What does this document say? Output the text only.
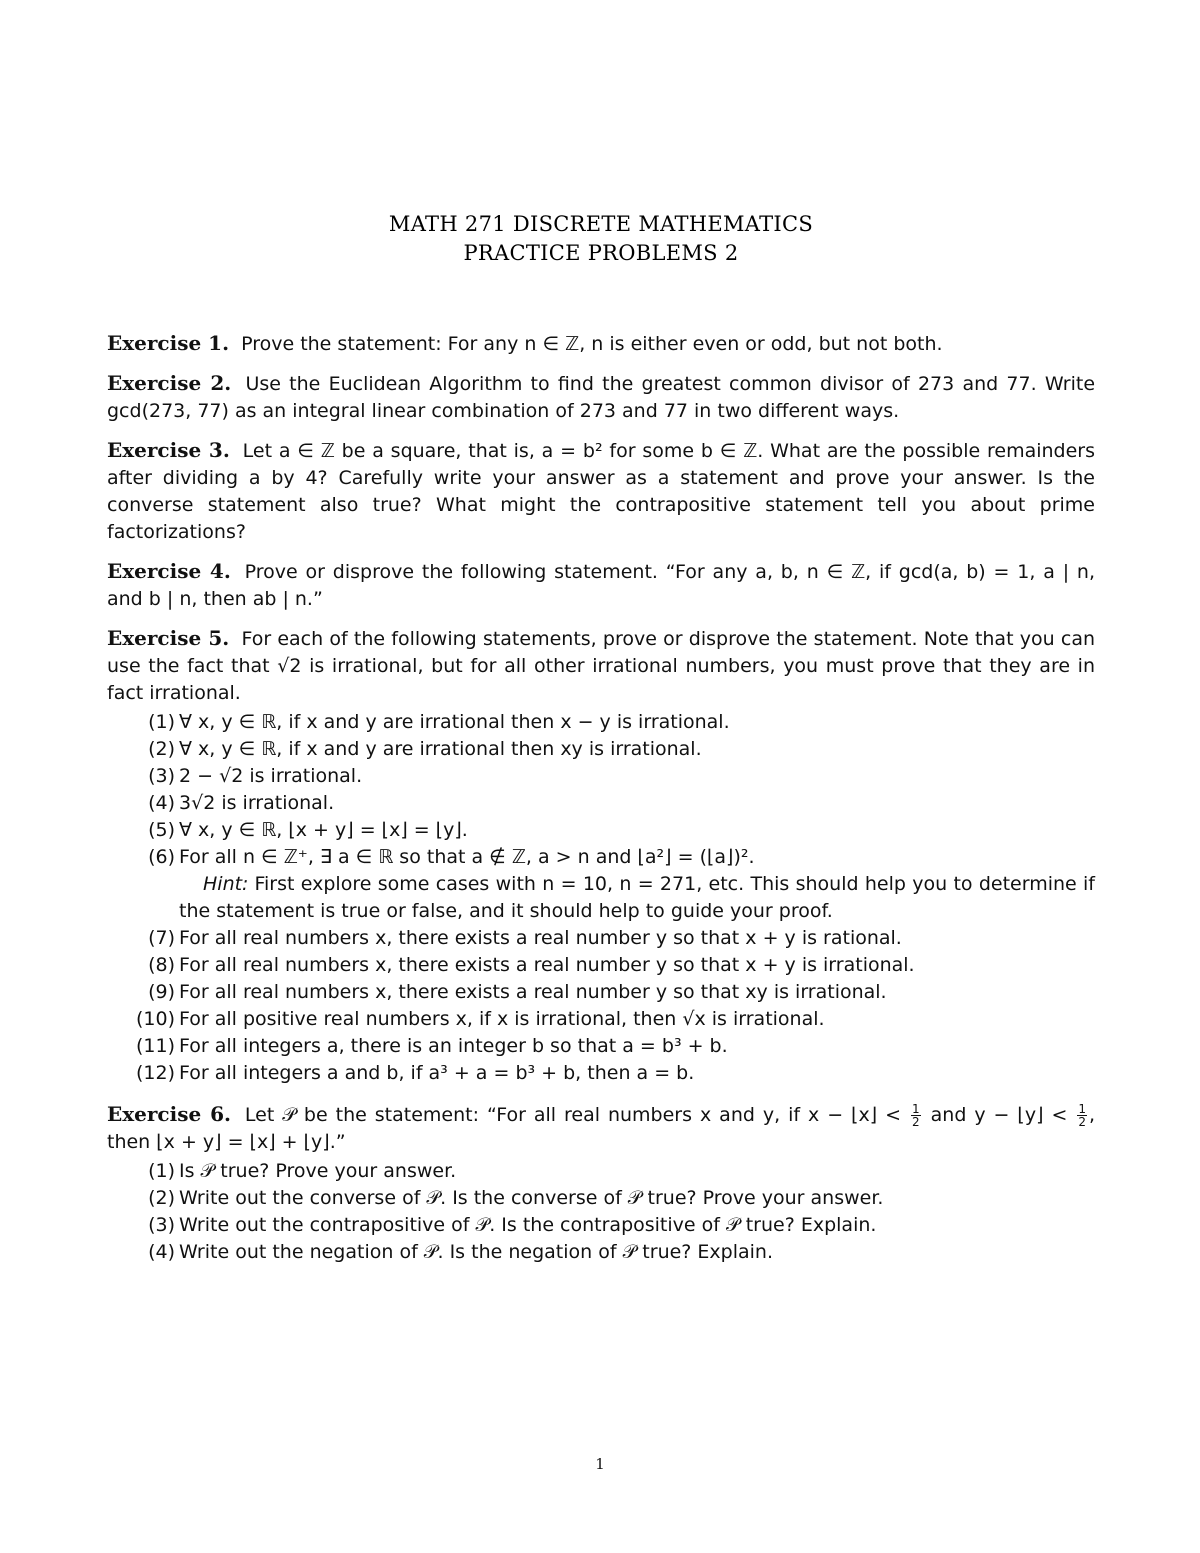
MATH 271 DISCRETE MATHEMATICS

PRACTICE PROBLEMS 2

Exercise 1. Prove the statement: For any n ∈ ℤ, n is either even or odd, but not both.

Exercise 2. Use the Euclidean Algorithm to find the greatest common divisor of 273 and 77. Write gcd(273, 77) as an integral linear combination of 273 and 77 in two different ways.

Exercise 3. Let a ∈ ℤ be a square, that is, a = b² for some b ∈ ℤ. What are the possible remainders after dividing a by 4? Carefully write your answer as a statement and prove your answer. Is the converse statement also true? What might the contrapositive statement tell you about prime factorizations?

Exercise 4. Prove or disprove the following statement. “For any a, b, n ∈ ℤ, if gcd(a, b) = 1, a | n, and b | n, then ab | n.”

Exercise 5. For each of the following statements, prove or disprove the statement. Note that you can use the fact that √2 is irrational, but for all other irrational numbers, you must prove that they are in fact irrational.

(1) ∀ x, y ∈ ℝ, if x and y are irrational then x − y is irrational.
(2) ∀ x, y ∈ ℝ, if x and y are irrational then xy is irrational.
(3) 2 − √2 is irrational.
(4) 3√2 is irrational.
(5) ∀ x, y ∈ ℝ, ⌊x + y⌋ = ⌊x⌋ = ⌊y⌋.
(6) For all n ∈ ℤ⁺, ∃ a ∈ ℝ so that a ∉ ℤ, a > n and ⌊a²⌋ = (⌊a⌋)².
Hint: First explore some cases with n = 10, n = 271, etc. This should help you to determine if the statement is true or false, and it should help to guide your proof.
(7) For all real numbers x, there exists a real number y so that x + y is rational.
(8) For all real numbers x, there exists a real number y so that x + y is irrational.
(9) For all real numbers x, there exists a real number y so that xy is irrational.
(10) For all positive real numbers x, if x is irrational, then √x is irrational.
(11) For all integers a, there is an integer b so that a = b³ + b.
(12) For all integers a and b, if a³ + a = b³ + b, then a = b.

Exercise 6. Let 𝒫 be the statement: “For all real numbers x and y, if x − ⌊x⌋ < $\frac{1}{2}$ and y − ⌊y⌋ < $\frac{1}{2}$ , then ⌊x + y⌋ = ⌊x⌋ + ⌊y⌋.”

(1) Is 𝒫 true? Prove your answer.
(2) Write out the converse of 𝒫. Is the converse of 𝒫 true? Prove your answer.
(3) Write out the contrapositive of 𝒫. Is the contrapositive of 𝒫 true? Explain.
(4) Write out the negation of 𝒫. Is the negation of 𝒫 true? Explain.
1
